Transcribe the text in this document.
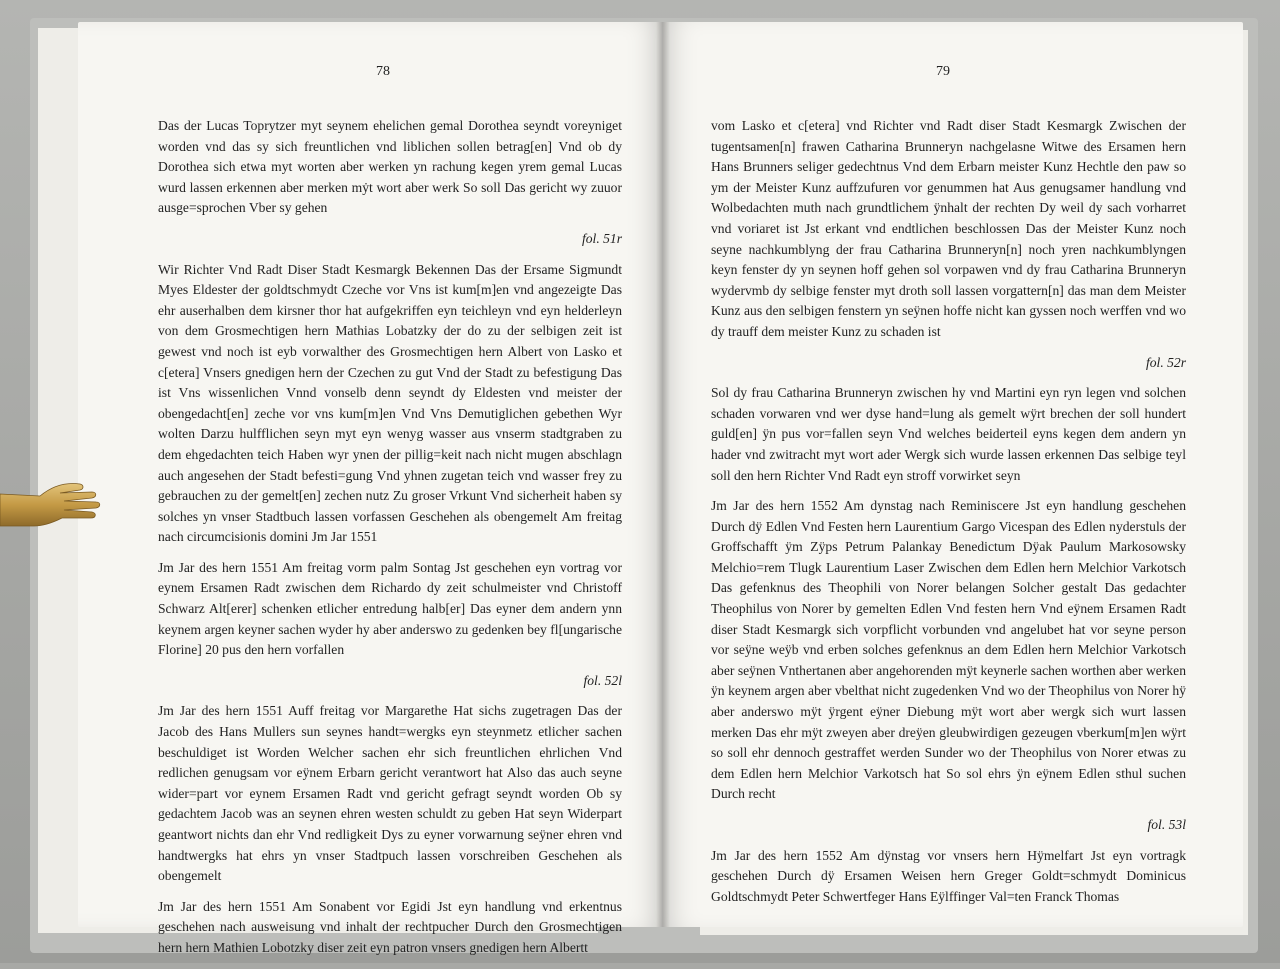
78

Das der Lucas Toprytzer myt seynem ehelichen gemal Dorothea seyndt voreyniget worden vnd das sy sich freuntlichen vnd liblichen sollen betrag[en] Vnd ob dy Dorothea sich etwa myt worten aber werken yn rachung kegen yrem gemal Lucas wurd lassen erkennen aber merken mẏt wort aber werk So soll Das gericht wy zuuor ausge=sprochen Vber sy gehen

fol. 51r

Wir Richter Vnd Radt Diser Stadt Kesmargk Bekennen Das der Ersame Sigmundt Myes Eldester der goldtschmydt Czeche vor Vns ist kum[m]en vnd angezeigte Das ehr auserhalben dem kirsner thor hat aufgekriffen eyn teichleyn vnd eyn helderleyn von dem Grosmechtigen hern Mathias Lobatzky der do zu der selbigen zeit ist gewest vnd noch ist eyb vorwalther des Grosmechtigen hern Albert von Lasko et c[etera] Vnsers gnedigen hern der Czechen zu gut Vnd der Stadt zu befestigung Das ist Vns wissenlichen Vnnd vonselb denn seyndt dy Eldesten vnd meister der obengedacht[en] zeche vor vns kum[m]en Vnd Vns Demutiglichen gebethen Wyr wolten Darzu hulfflichen seyn myt eyn wenyg wasser aus vnserm stadtgraben zu dem ehgedachten teich Haben wyr ynen der pillig=keit nach nicht mugen abschlagn auch angesehen der Stadt befesti=gung Vnd yhnen zugetan teich vnd wasser frey zu gebrauchen zu der gemelt[en] zechen nutz Zu groser Vrkunt Vnd sicherheit haben sy solches yn vnser Stadtbuch lassen vorfassen Geschehen als obengemelt Am freitag nach circumcisionis domini Jm Jar 1551

Jm Jar des hern 1551 Am freitag vorm palm Sontag Jst geschehen eyn vortrag vor eynem Ersamen Radt zwischen dem Richardo dy zeit schulmeister vnd Christoff Schwarz Alt[erer] schenken etlicher entredung halb[er] Das eyner dem andern ynn keynem argen keyner sachen wyder hy aber anderswo zu gedenken bey fl[ungarische Florine] 20 pus den hern vorfallen

fol. 52l

Jm Jar des hern 1551 Auff freitag vor Margarethe Hat sichs zugetragen Das der Jacob des Hans Mullers sun seynes handt=wergks eyn steynmetz etlicher sachen beschuldiget ist Worden Welcher sachen ehr sich freuntlichen ehrlichen Vnd redlichen genugsam vor eÿnem Erbarn gericht verantwort hat Also das auch seyne wider=part vor eynem Ersamen Radt vnd gericht gefragt seyndt worden Ob sy gedachtem Jacob was an seynen ehren westen schuldt zu geben Hat seyn Widerpart geantwort nichts dan ehr Vnd redligkeit Dys zu eyner vorwarnung seÿner ehren vnd handtwergks hat ehrs yn vnser Stadtpuch lassen vorschreiben Geschehen als obengemelt

Jm Jar des hern 1551 Am Sonabent vor Egidi Jst eyn handlung vnd erkentnus geschehen nach ausweisung vnd inhalt der rechtpucher Durch den Grosmechtigen hern hern Mathien Lobotzky diser zeit eyn patron vnsers gnedigen hern Albertt

79

vom Lasko et c[etera] vnd Richter vnd Radt diser Stadt Kesmargk Zwischen der tugentsamen[n] frawen Catharina Brunneryn nachgelasne Witwe des Ersamen hern Hans Brunners seliger gedechtnus Vnd dem Erbarn meister Kunz Hechtle den paw so ym der Meister Kunz auffzufuren vor genummen hat Aus genugsamer handlung vnd Wolbedachten muth nach grundtlichem ÿnhalt der rechten Dy weil dy sach vorharret vnd voriaret ist Jst erkant vnd endtlichen beschlossen Das der Meister Kunz noch seyne nachkumblyng der frau Catharina Brunneryn[n] noch yren nachkumblyngen keyn fenster dy yn seynen hoff gehen sol vorpawen vnd dy frau Catharina Brunneryn wydervmb dy selbige fenster myt droth soll lassen vorgattern[n] das man dem Meister Kunz aus den selbigen fenstern yn seÿnen hoffe nicht kan gyssen noch werffen vnd wo dy trauff dem meister Kunz zu schaden ist

fol. 52r

Sol dy frau Catharina Brunneryn zwischen hy vnd Martini eyn ryn legen vnd solchen schaden vorwaren vnd wer dyse hand=lung als gemelt wÿrt brechen der soll hundert guld[en] ÿn pus vor=fallen seyn Vnd welches beiderteil eyns kegen dem andern yn hader vnd zwitracht myt wort ader Wergk sich wurde lassen erkennen Das selbige teyl soll den hern Richter Vnd Radt eyn stroff vorwirket seyn

Jm Jar des hern 1552 Am dynstag nach Reminiscere Jst eyn handlung geschehen Durch dÿ Edlen Vnd Festen hern Laurentium Gargo Vicespan des Edlen nyderstuls der Groffschafft ÿm Zÿps Petrum Palankay Benedictum Dÿak Paulum Markosowsky Melchio=rem Tlugk Laurentium Laser Zwischen dem Edlen hern Melchior Varkotsch Das gefenknus des Theophili von Norer belangen Solcher gestalt Das gedachter Theophilus von Norer by gemelten Edlen Vnd festen hern Vnd eÿnem Ersamen Radt diser Stadt Kesmargk sich vorpflicht vorbunden vnd angelubet hat vor seyne person vor seÿne weÿb vnd erben solches gefenknus an dem Edlen hern Melchior Varkotsch aber seÿnen Vnthertanen aber angehorenden mÿt keynerle sachen worthen aber werken ÿn keynem argen aber vbelthat nicht zugedenken Vnd wo der Theophilus von Norer hÿ aber anderswo mÿt ÿrgent eÿner Diebung mÿt wort aber wergk sich wurt lassen merken Das ehr mÿt zweyen aber dreÿen gleubwirdigen gezeugen vberkum[m]en wÿrt so soll ehr dennoch gestraffet werden Sunder wo der Theophilus von Norer etwas zu dem Edlen hern Melchior Varkotsch hat So sol ehrs ÿn eÿnem Edlen sthul suchen Durch recht

fol. 53l

Jm Jar des hern 1552 Am dÿnstag vor vnsers hern Hÿmelfart Jst eyn vortragk geschehen Durch dÿ Ersamen Weisen hern Greger Goldt=schmydt Dominicus Goldtschmydt Peter Schwertfeger Hans Eÿlffinger Val=ten Franck Thomas
